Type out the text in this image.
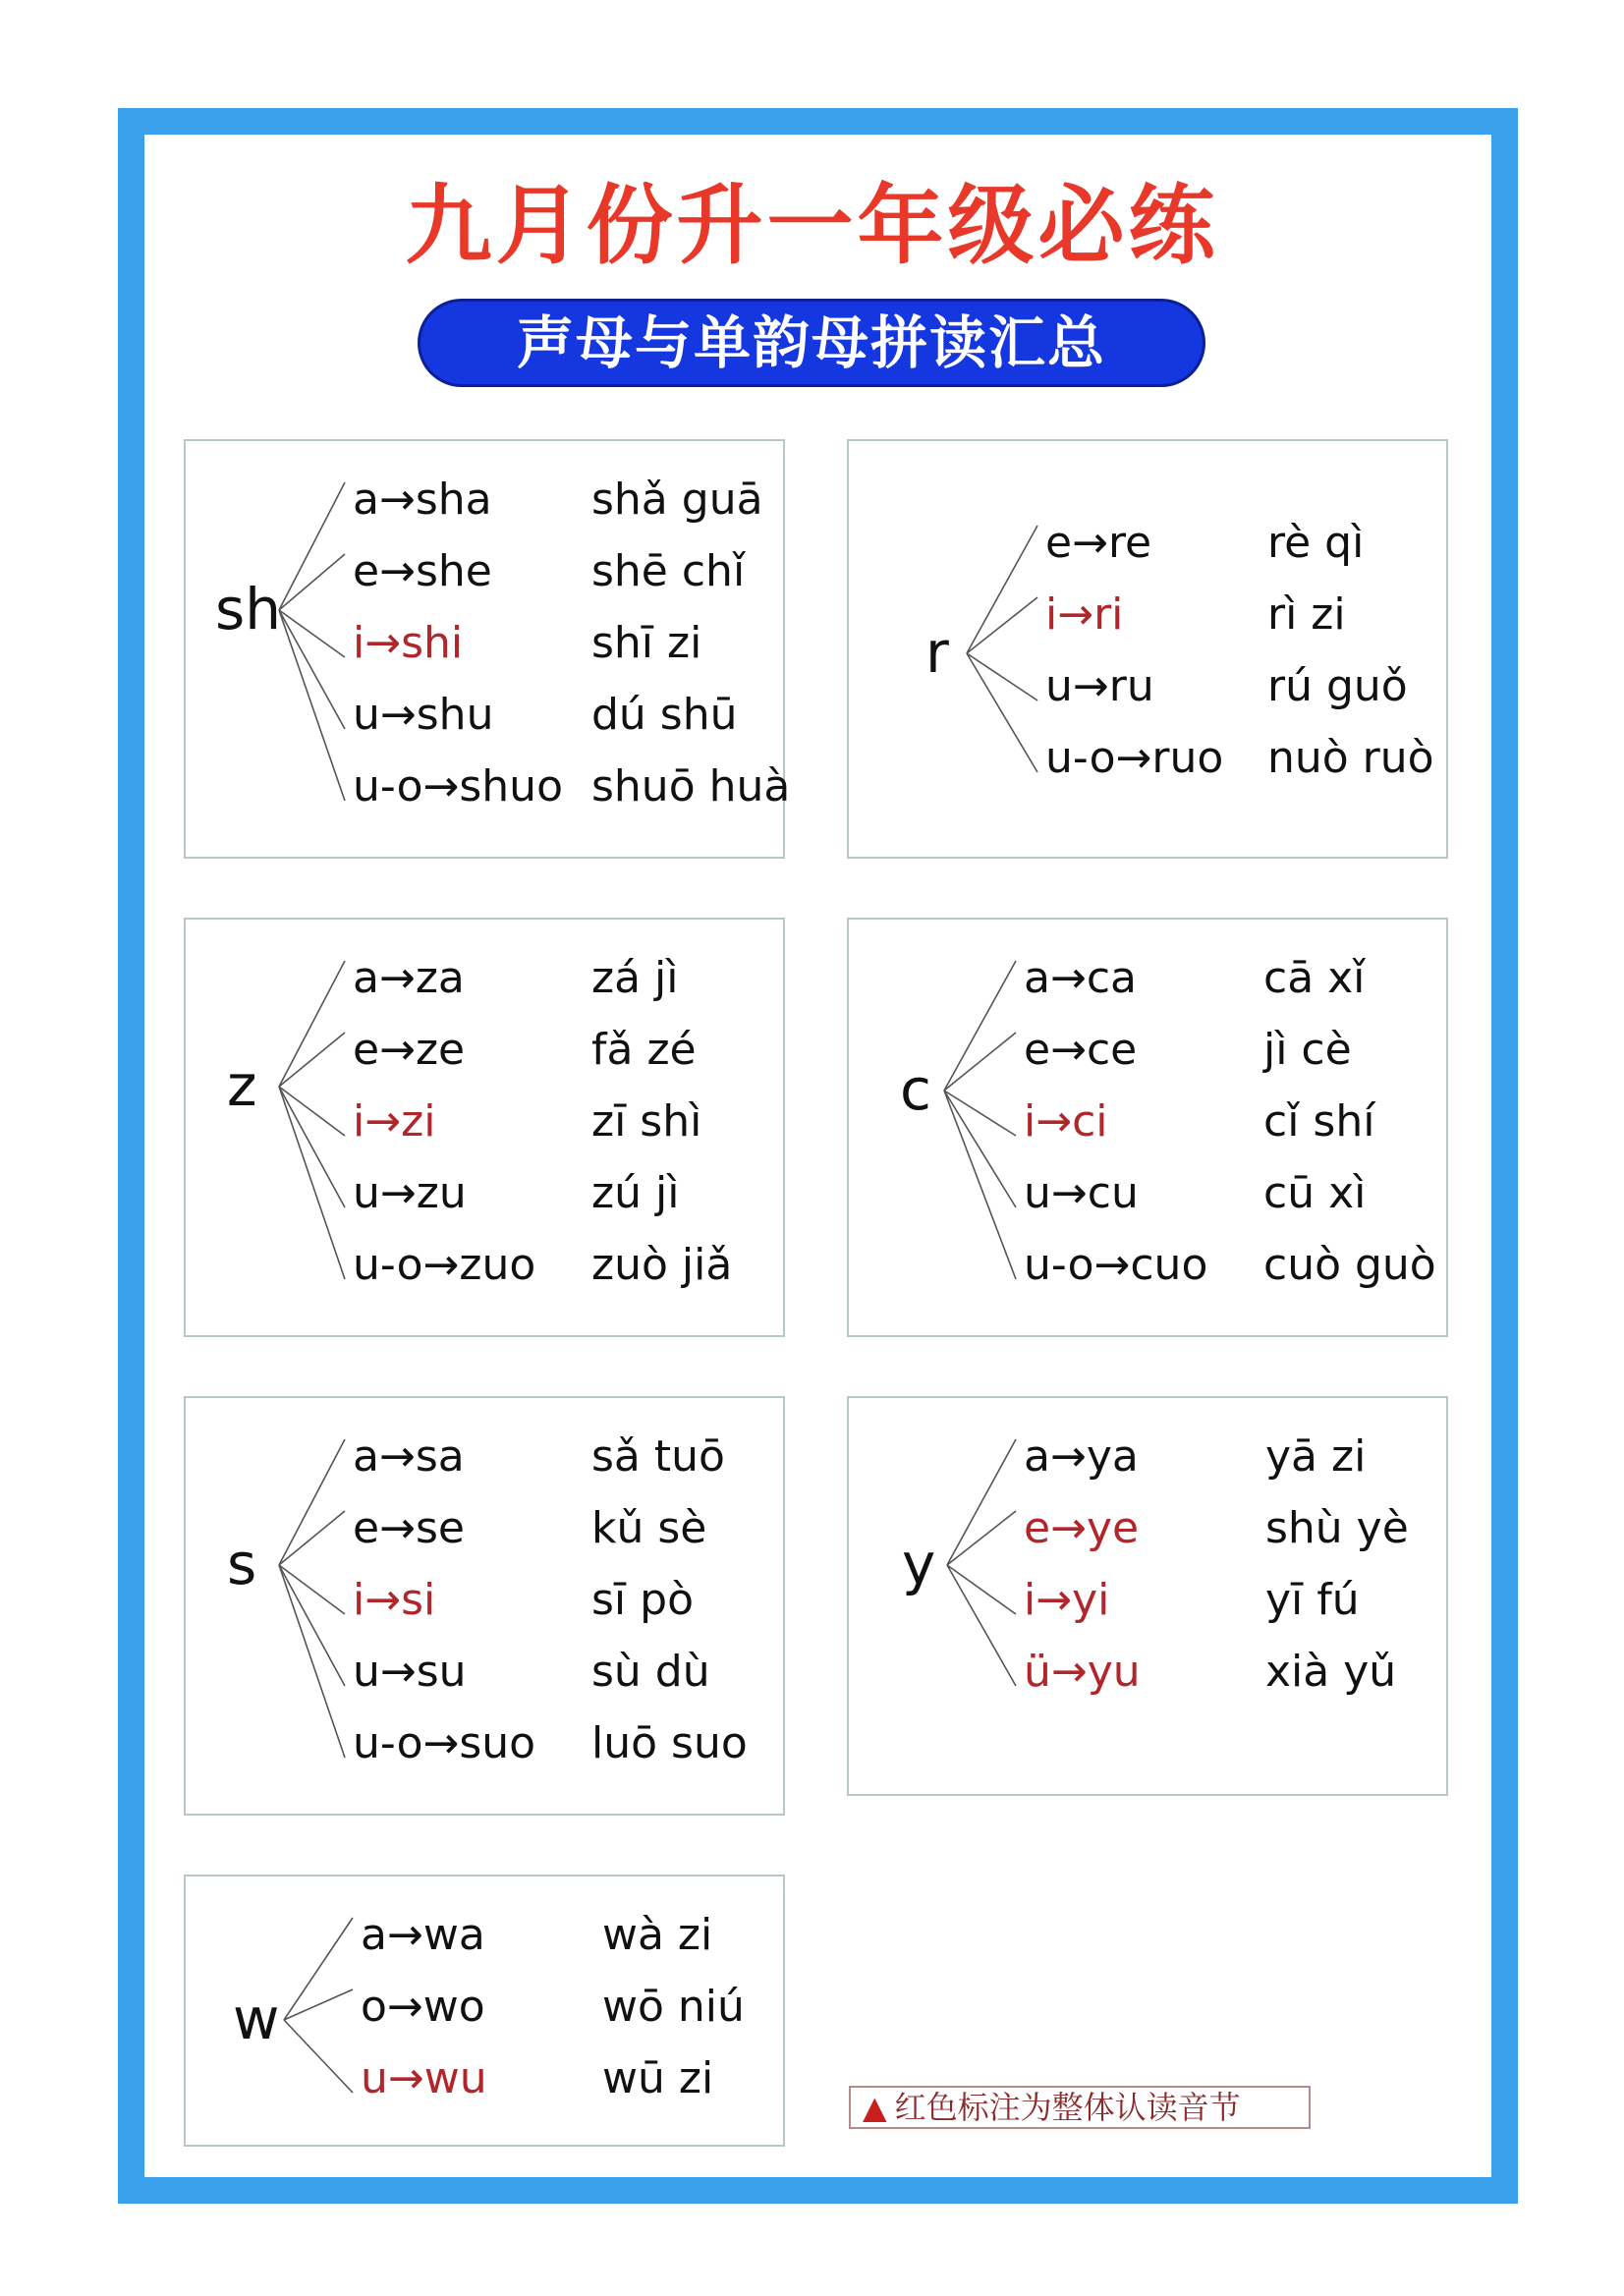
九月份升一年级必练
声母与单韵母拼读汇总
sh
a→sha shǎ guā
e→she shē chǐ
i→shi	shī zi
u→shu dú shū
u-o→shuo shuō huà
r
e→re	rè qì
i→ri	rì zi
u→ru	rú guǒ
u-o→ruo nuò ruò
z
a→za	zá jì
e→ze	fǎ zé
i→zi	zī shì
u→zu	zú jì
u-o→zuo zuò jiǎ
c
a→ca	cā xǐ
e→ce	jì cè
i→ci	cǐ shí
u→cu	cū xì
u-o→cuo cuò guò
s
a→sa	sǎ tuō
e→se	kǔ sè
i→si	sī pò
u→su	sù dù
u-o→suo luō suo
y
a→ya	yā zi
e→ye	shù yè
i→yi	yī fú
ü→yu	xià yǔ
w
a→wa	wà zi
o→wo	wō niú
u→wu	wū zi
▲ 红色标注为整体认读音节
